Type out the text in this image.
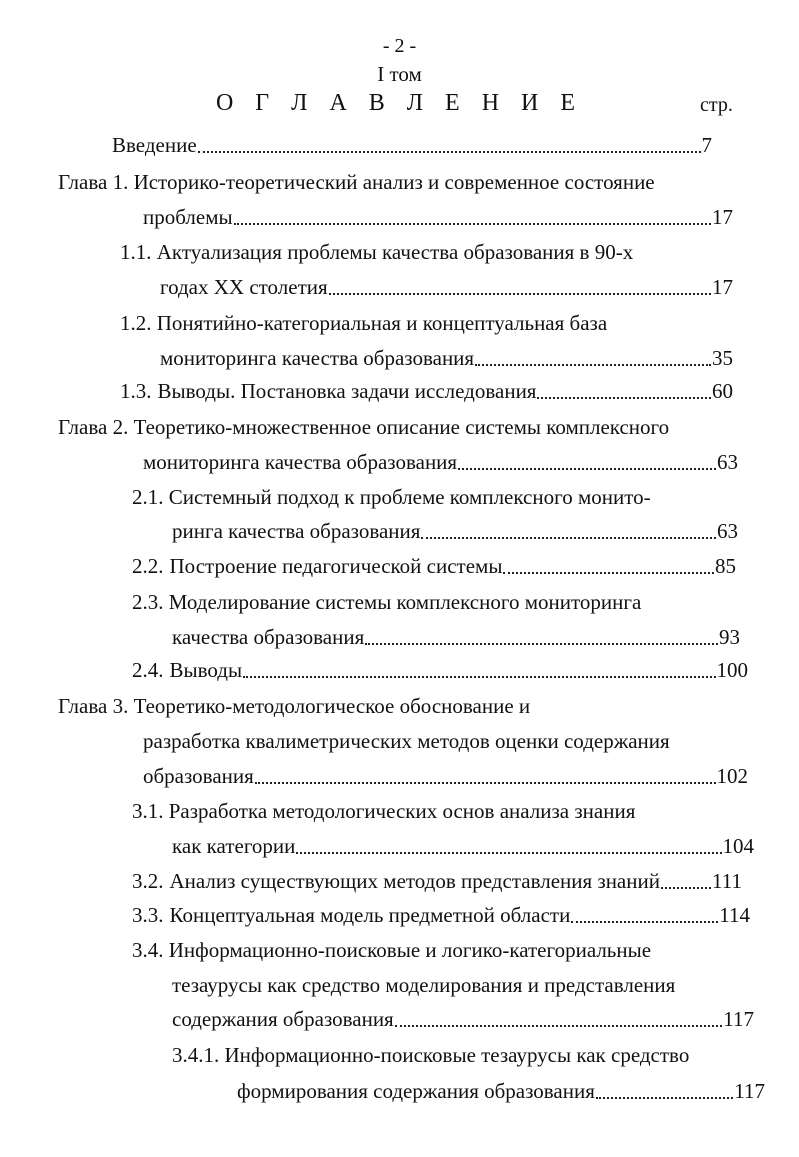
- 2 -
I том
О Г Л А В Л Е Н И Е	стр.
Введение	7
Глава 1. Историко-теоретический анализ и современное состояние
проблемы	17
1.1. Актуализация проблемы качества образования в 90-х
годах XX столетия	17
1.2. Понятийно-категориальная и концептуальная база
мониторинга качества образования	35
1.3. Выводы. Постановка задачи исследования	60
Глава 2. Теоретико-множественное описание системы комплексного
мониторинга качества образования	63
2.1. Системный подход к проблеме комплексного монито-
ринга качества образования	63
2.2. Построение педагогической системы	85
2.3. Моделирование системы комплексного мониторинга
качества образования	93
2.4. Выводы	100
Глава 3. Теоретико-методологическое обоснование и
разработка квалиметрических методов оценки содержания
образования	102
3.1. Разработка методологических основ анализа знания
как категории	104
3.2. Анализ существующих методов представления знаний 111
3.3. Концептуальная модель предметной области	114
3.4. Информационно-поисковые и логико-категориальные
тезаурусы как средство моделирования и представления
содержания образования	117
3.4.1. Информационно-поисковые тезаурусы как средство
формирования содержания образования	117
